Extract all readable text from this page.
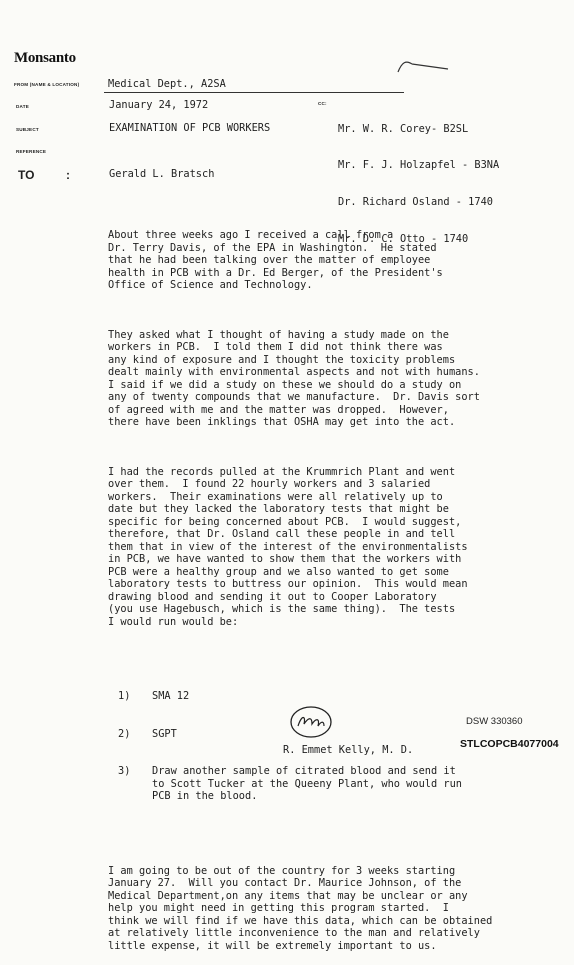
Monsanto
FROM (NAME & LOCATION)	Medical Dept., A2SA
DATE	January 24, 1972
SUBJECT	EXAMINATION OF PCB WORKERS
REFERENCE
CC:

Mr. W. R. Corey- B2SL

Mr. F. J. Holzapfel - B3NA

Dr. Richard Osland - 1740

Mr. D. C. Otto - 1740

TO	:	Gerald L. Bratsch

About three weeks ago I received a call from a
Dr. Terry Davis, of the EPA in Washington.  He stated
that he had been talking over the matter of employee
health in PCB with a Dr. Ed Berger, of the President's
Office of Science and Technology.

They asked what I thought of having a study made on the
workers in PCB.  I told them I did not think there was
any kind of exposure and I thought the toxicity problems
dealt mainly with environmental aspects and not with humans.
I said if we did a study on these we should do a study on
any of twenty compounds that we manufacture.  Dr. Davis sort
of agreed with me and the matter was dropped.  However,
there have been inklings that OSHA may get into the act.

I had the records pulled at the Krummrich Plant and went
over them.  I found 22 hourly workers and 3 salaried
workers.  Their examinations were all relatively up to
date but they lacked the laboratory tests that might be
specific for being concerned about PCB.  I would suggest,
therefore, that Dr. Osland call these people in and tell
them that in view of the interest of the environmentalists
in PCB, we have wanted to show them that the workers with
PCB were a healthy group and we also wanted to get some
laboratory tests to buttress our opinion.  This would mean
drawing blood and sending it out to Cooper Laboratory
(you use Hagebusch, which is the same thing).  The tests
I would run would be:

1)	SMA 12

2)	SGPT

3)	Draw another sample of citrated blood and send it
to Scott Tucker at the Queeny Plant, who would run
PCB in the blood.

I am going to be out of the country for 3 weeks starting
January 27.  Will you contact Dr. Maurice Johnson, of the
Medical Department,on any items that may be unclear or any
help you might need in getting this program started.  I
think we will find if we have this data, which can be obtained
at relatively little inconvenience to the man and relatively
little expense, it will be extremely important to us.

DSW 330360
R. Emmet Kelly, M. D.	STLCOPCB4077004
